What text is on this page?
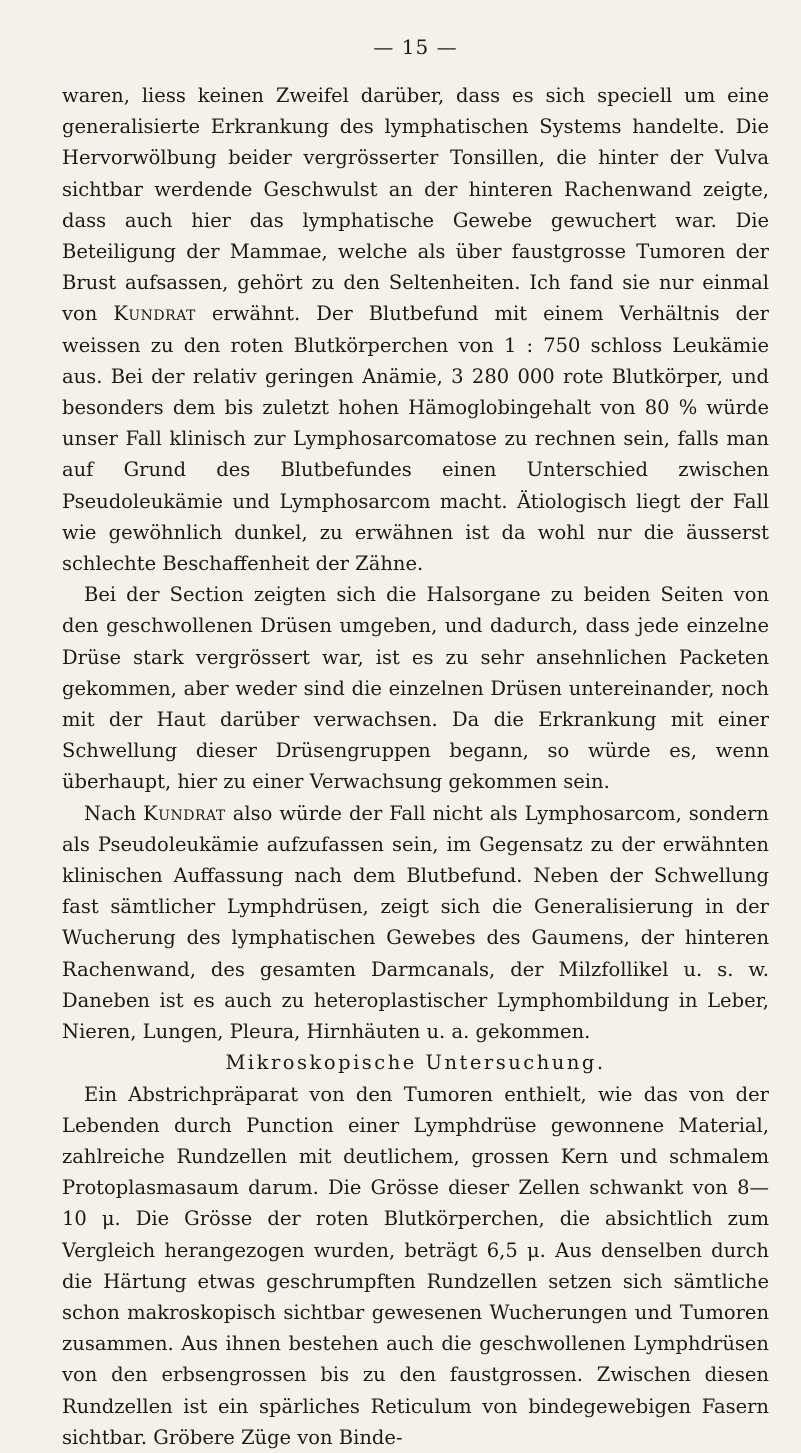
— 15 —

waren, liess keinen Zweifel darüber, dass es sich speciell um eine generalisierte Erkrankung des lymphatischen Systems handelte. Die Hervorwölbung beider vergrösserter Tonsillen, die hinter der Vulva sichtbar werdende Geschwulst an der hinteren Rachenwand zeigte, dass auch hier das lymphatische Gewebe gewuchert war. Die Beteiligung der Mammae, welche als über faustgrosse Tumoren der Brust aufsassen, gehört zu den Seltenheiten. Ich fand sie nur einmal von Kundrat erwähnt. Der Blutbefund mit einem Verhältnis der weissen zu den roten Blutkörperchen von 1 : 750 schloss Leukämie aus. Bei der relativ geringen Anämie, 3 280 000 rote Blutkörper, und besonders dem bis zuletzt hohen Hämoglobingehalt von 80 % würde unser Fall klinisch zur Lymphosarcomatose zu rechnen sein, falls man auf Grund des Blutbefundes einen Unterschied zwischen Pseudoleukämie und Lymphosarcom macht. Ätiologisch liegt der Fall wie gewöhnlich dunkel, zu erwähnen ist da wohl nur die äusserst schlechte Beschaffenheit der Zähne.

Bei der Section zeigten sich die Halsorgane zu beiden Seiten von den geschwollenen Drüsen umgeben, und dadurch, dass jede einzelne Drüse stark vergrössert war, ist es zu sehr ansehnlichen Packeten gekommen, aber weder sind die einzelnen Drüsen untereinander, noch mit der Haut darüber verwachsen. Da die Erkrankung mit einer Schwellung dieser Drüsengruppen begann, so würde es, wenn überhaupt, hier zu einer Verwachsung gekommen sein.

Nach Kundrat also würde der Fall nicht als Lymphosarcom, sondern als Pseudoleukämie aufzufassen sein, im Gegensatz zu der erwähnten klinischen Auffassung nach dem Blutbefund. Neben der Schwellung fast sämtlicher Lymphdrüsen, zeigt sich die Generalisierung in der Wucherung des lymphatischen Gewebes des Gaumens, der hinteren Rachenwand, des gesamten Darmcanals, der Milzfollikel u. s. w. Daneben ist es auch zu heteroplastischer Lymphombildung in Leber, Nieren, Lungen, Pleura, Hirnhäuten u. a. gekommen.

Mikroskopische Untersuchung.

Ein Abstrichpräparat von den Tumoren enthielt, wie das von der Lebenden durch Punction einer Lymphdrüse gewonnene Material, zahlreiche Rundzellen mit deutlichem, grossen Kern und schmalem Protoplasmasaum darum. Die Grösse dieser Zellen schwankt von 8—10 μ. Die Grösse der roten Blutkörperchen, die absichtlich zum Vergleich herangezogen wurden, beträgt 6,5 μ. Aus denselben durch die Härtung etwas geschrumpften Rundzellen setzen sich sämtliche schon makroskopisch sichtbar gewesenen Wucherungen und Tumoren zusammen. Aus ihnen bestehen auch die geschwollenen Lymphdrüsen von den erbsengrossen bis zu den faustgrossen. Zwischen diesen Rundzellen ist ein spärliches Reticulum von bindegewebigen Fasern sichtbar. Gröbere Züge von Binde-
